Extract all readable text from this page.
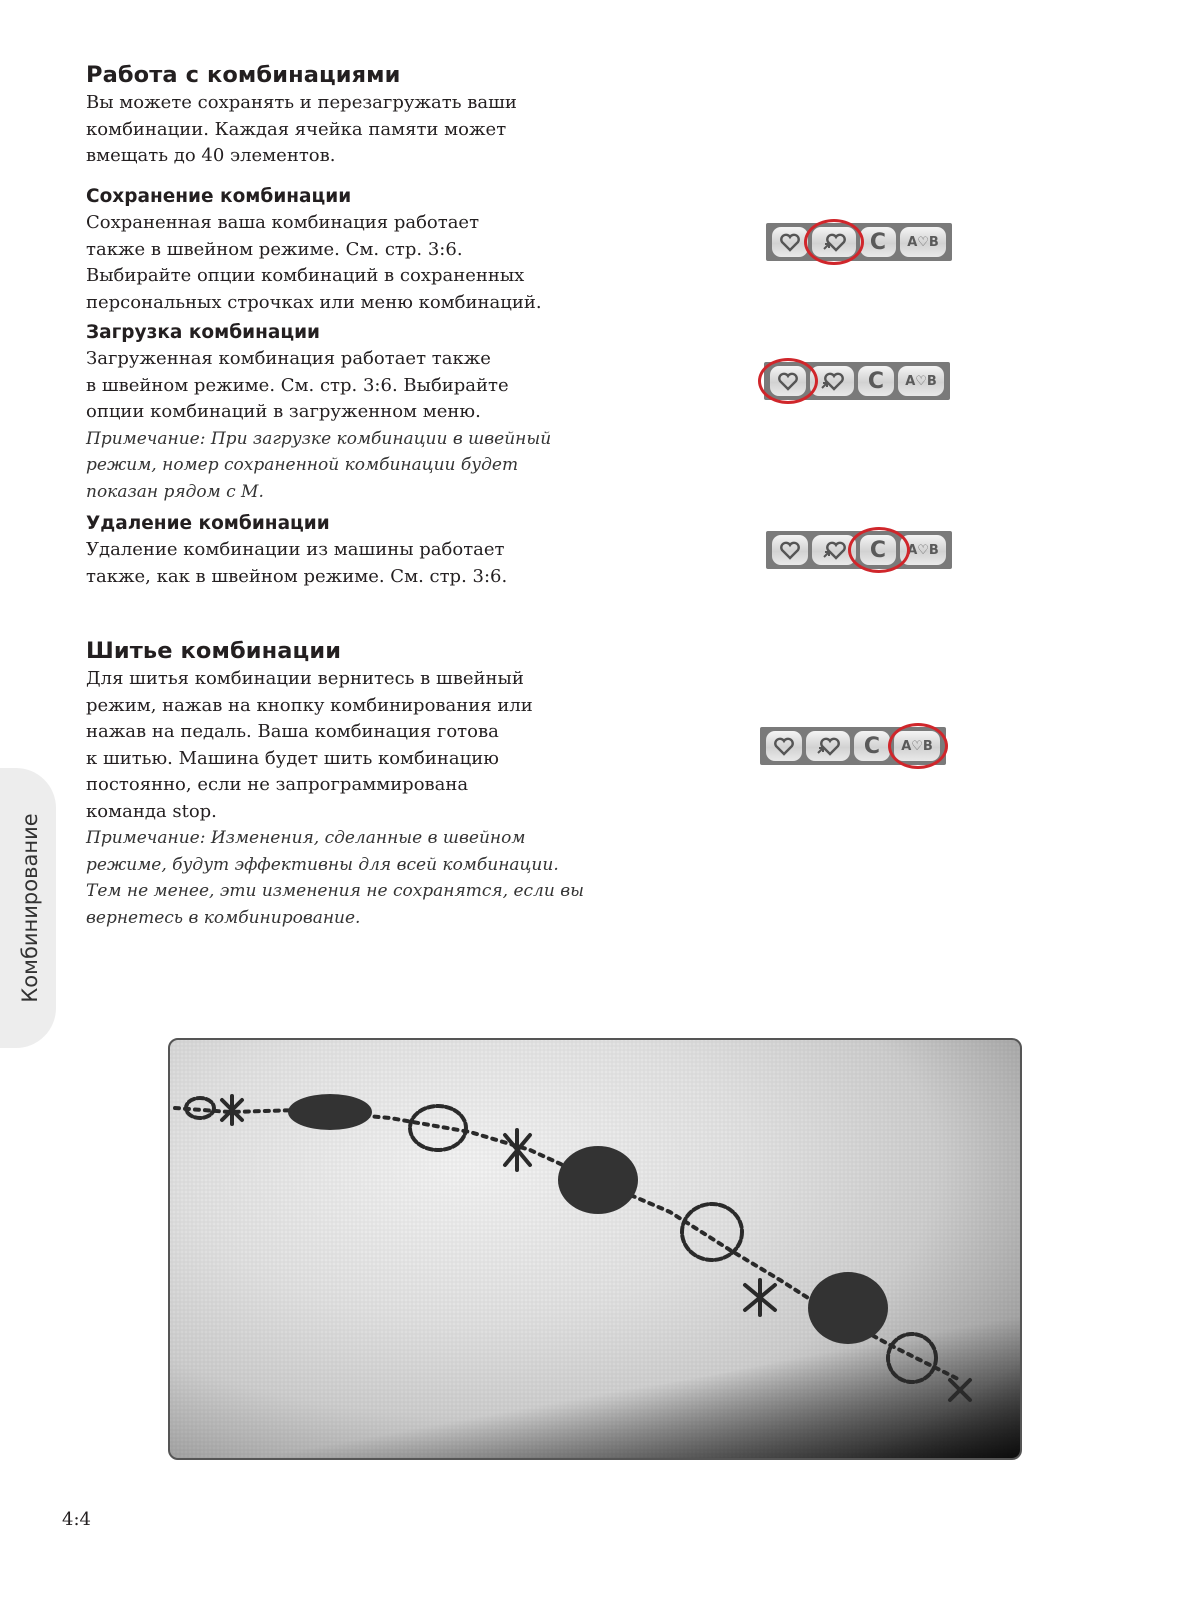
Работа с комбинациями

Вы можете сохранять и перезагружать ваши
комбинации. Каждая ячейка памяти может
вмещать до 40 элементов.

Сохранение комбинации

Сохраненная ваша комбинация работает
также в швейном режиме. См. стр. 3:6.
Выбирайте опции комбинаций в сохраненных
персональных строчках или меню комбинаций.

Загрузка комбинации

Загруженная комбинация работает также
в швейном режиме. См. стр. 3:6. Выбирайте
опции комбинаций в загруженном меню.

Примечание: При загрузке комбинации в швейный
режим, номер сохраненной комбинации будет
показан рядом с M.

Удаление комбинации

Удаление комбинации из машины работает
также, как в швейном режиме. См. стр. 3:6.

Шитье комбинации

Для шитья комбинации вернитесь в швейный
режим, нажав на кнопку комбинирования или
нажав на педаль. Ваша комбинация готова
к шитью. Машина будет шить комбинацию
постоянно, если не запрограммирована
команда stop.

Примечание: Изменения, сделанные в швейном
режиме, будут эффективны для всей комбинации.
Тем не менее, эти изменения не сохранятся, если вы
вернетесь в комбинирование.

C	A♡B
C	A♡B
C	A♡B
C	A♡B
Комбинирование
4:4
